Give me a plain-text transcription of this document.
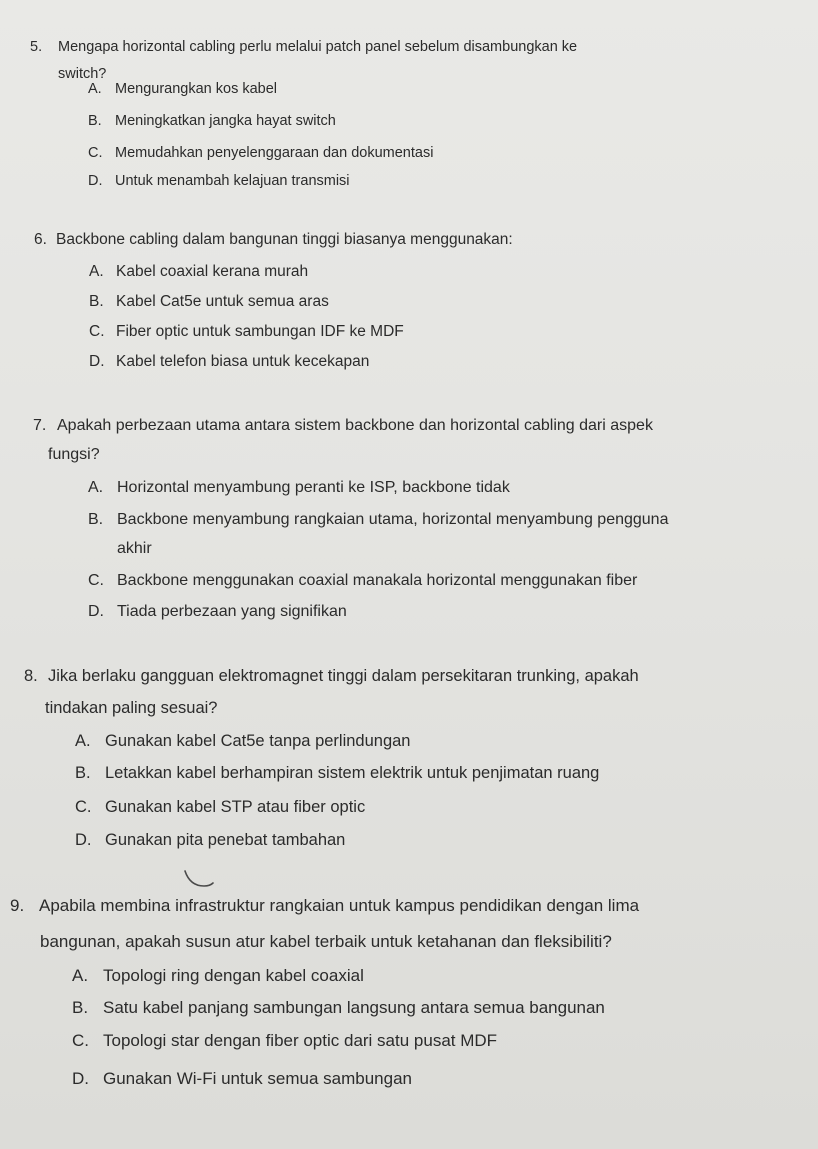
5. Mengapa horizontal cabling perlu melalui patch panel sebelum disambungkan ke
switch?
A. Mengurangkan kos kabel
B. Meningkatkan jangka hayat switch
C. Memudahkan penyelenggaraan dan dokumentasi
D. Untuk menambah kelajuan transmisi
6. Backbone cabling dalam bangunan tinggi biasanya menggunakan:
A. Kabel coaxial kerana murah
B. Kabel Cat5e untuk semua aras
C. Fiber optic untuk sambungan IDF ke MDF
D. Kabel telefon biasa untuk kecekapan
7. Apakah perbezaan utama antara sistem backbone dan horizontal cabling dari aspek
fungsi?
A. Horizontal menyambung peranti ke ISP, backbone tidak
B. Backbone menyambung rangkaian utama, horizontal menyambung pengguna
akhir
C. Backbone menggunakan coaxial manakala horizontal menggunakan fiber
D. Tiada perbezaan yang signifikan
8. Jika berlaku gangguan elektromagnet tinggi dalam persekitaran trunking, apakah
tindakan paling sesuai?
A. Gunakan kabel Cat5e tanpa perlindungan
B. Letakkan kabel berhampiran sistem elektrik untuk penjimatan ruang
C. Gunakan kabel STP atau fiber optic
D. Gunakan pita penebat tambahan
9. Apabila membina infrastruktur rangkaian untuk kampus pendidikan dengan lima
bangunan, apakah susun atur kabel terbaik untuk ketahanan dan fleksibiliti?
A. Topologi ring dengan kabel coaxial
B. Satu kabel panjang sambungan langsung antara semua bangunan
C. Topologi star dengan fiber optic dari satu pusat MDF
D. Gunakan Wi-Fi untuk semua sambungan
